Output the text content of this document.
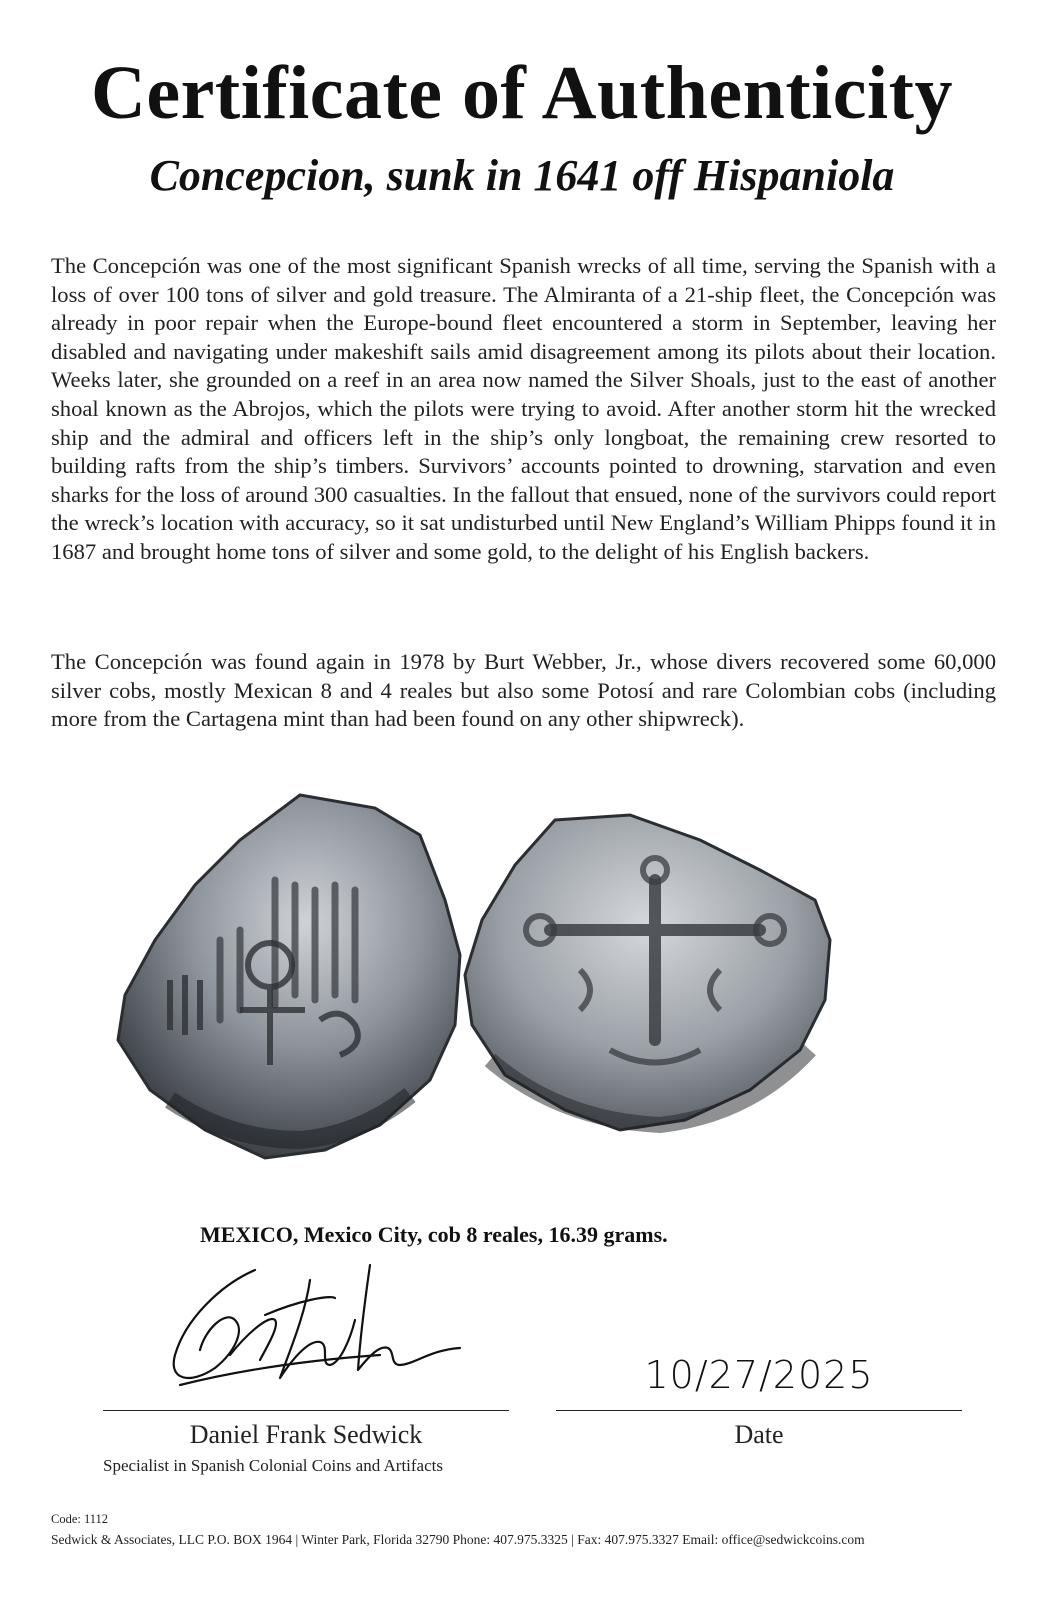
Certificate of Authenticity
Concepcion, sunk in 1641 off Hispaniola

The Concepción was one of the most significant Spanish wrecks of all time, serving the Spanish with a loss of over 100 tons of silver and gold treasure. The Almiranta of a 21-ship fleet, the Concepción was already in poor repair when the Europe-bound fleet encountered a storm in September, leaving her disabled and navigating under makeshift sails amid disagreement among its pilots about their location. Weeks later, she grounded on a reef in an area now named the Silver Shoals, just to the east of another shoal known as the Abrojos, which the pilots were trying to avoid. After another storm hit the wrecked ship and the admiral and officers left in the ship’s only longboat, the remaining crew resorted to building rafts from the ship’s timbers. Survivors’ accounts pointed to drowning, starvation and even sharks for the loss of around 300 casualties. In the fallout that ensued, none of the survivors could report the wreck’s location with accuracy, so it sat undisturbed until New England’s William Phipps found it in 1687 and brought home tons of silver and some gold, to the delight of his English backers.

The Concepción was found again in 1978 by Burt Webber, Jr., whose divers recovered some 60,000 silver cobs, mostly Mexican 8 and 4 reales but also some Potosí and rare Colombian cobs (including more from the Cartagena mint than had been found on any other shipwreck).

MEXICO, Mexico City, cob 8 reales, 16.39 grams.
10/27/2025
Daniel Frank Sedwick
Specialist in Spanish Colonial Coins and Artifacts
Date
Code: 1112
Sedwick & Associates, LLC P.O. BOX 1964 | Winter Park, Florida 32790 Phone: 407.975.3325 | Fax: 407.975.3327 Email: office@sedwickcoins.com
